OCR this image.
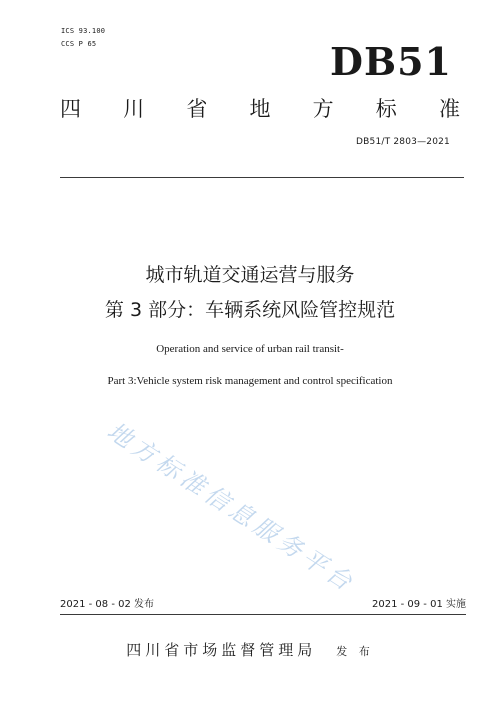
ICS 93.100
CCS P 65	DB51
四 川 省 地 方 标 准
DB51/T 2803—2021
城市轨道交通运营与服务
第 3 部分：车辆系统风险管控规范
Operation and service of urban rail transit-
Part 3:Vehicle system risk management and control specification
地方标准信息服务平台
2021 - 08 - 02 发布	2021 - 09 - 01 实施
四川省市场监督管理局 发 布
